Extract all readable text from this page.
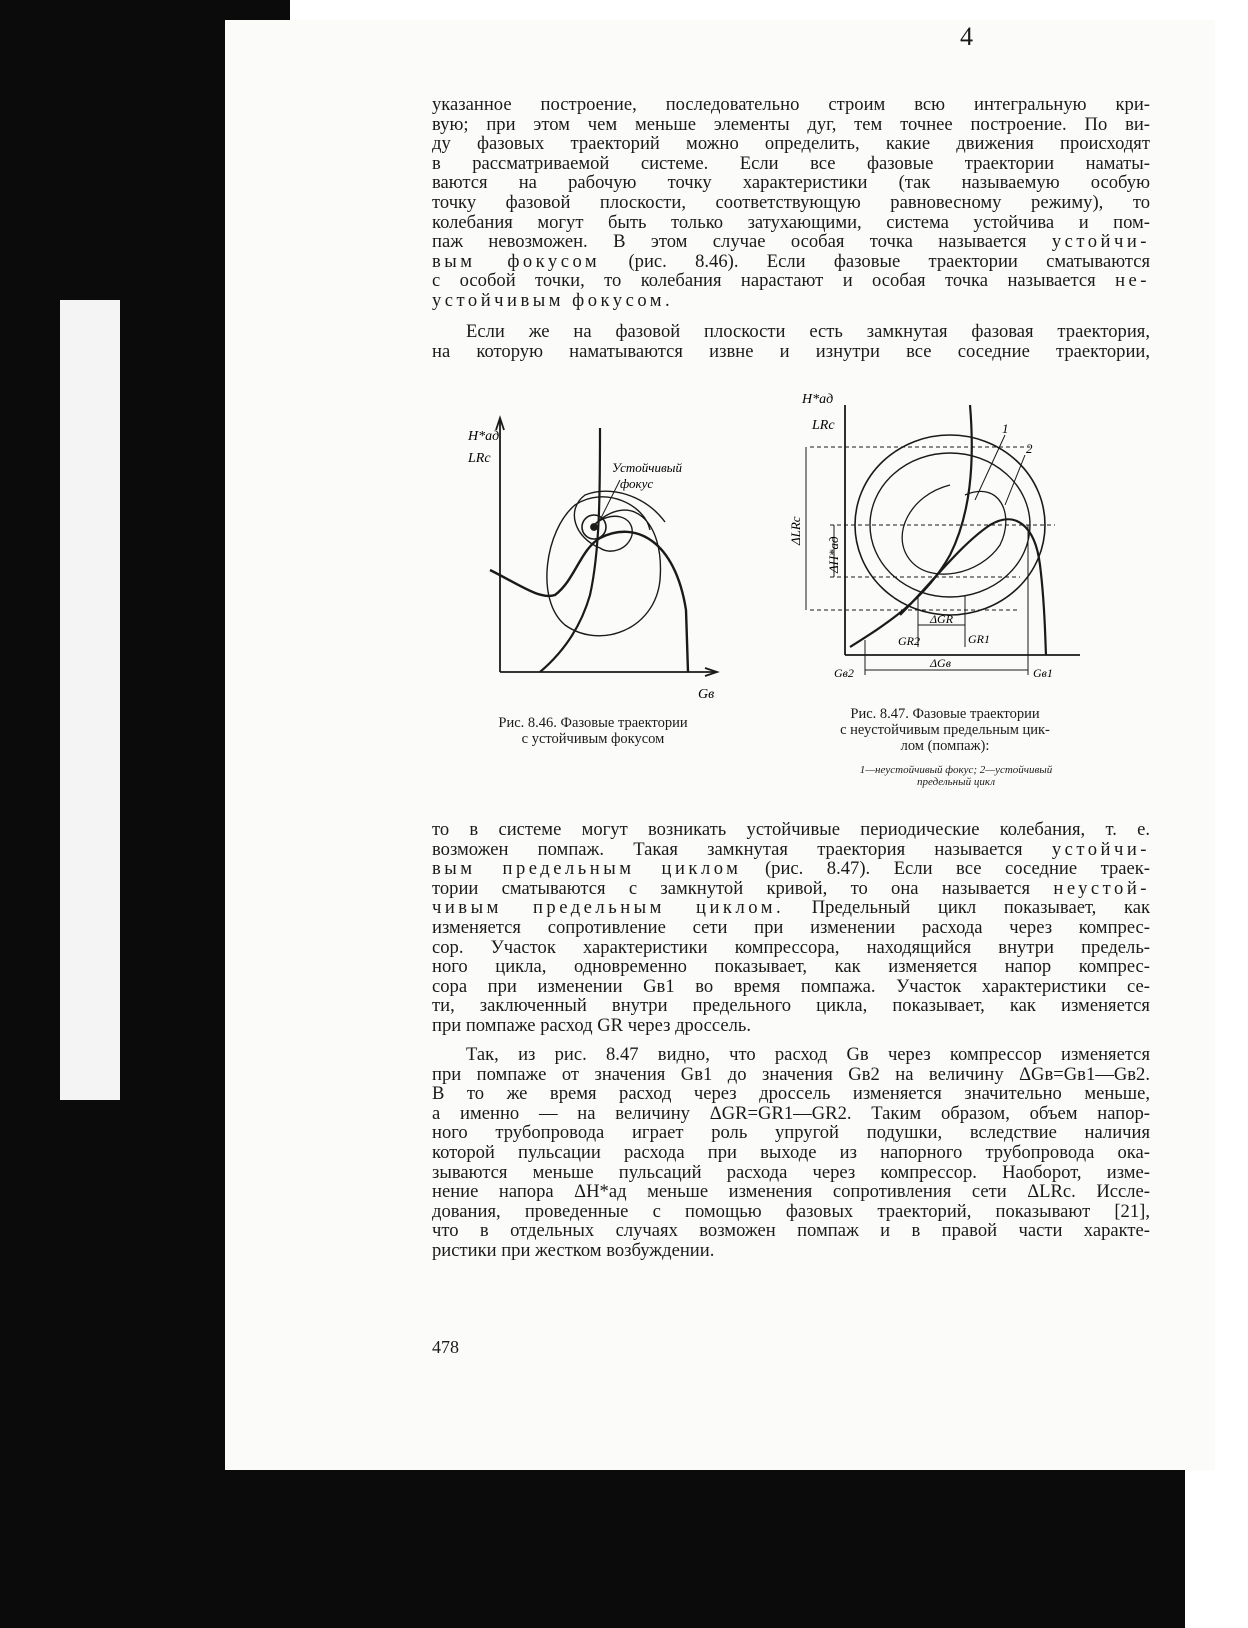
4
указанное построение, последовательно строим всю интегральную кри-
вую; при этом чем меньше элементы дуг, тем точнее построение. По ви-
ду фазовых траекторий можно определить, какие движения происходят
в рассматриваемой системе. Если все фазовые траектории наматы-
ваются на рабочую точку характеристики (так называемую особую
точку фазовой плоскости, соответствующую равновесному режиму), то
колебания могут быть только затухающими, система устойчива и пом-
паж невозможен. В этом случае особая точка называется устойчи-
вым фокусом (рис. 8.46). Если фазовые траектории сматываются
с особой точки, то колебания нарастают и особая точка называется не-
устойчивым фокусом.
Если же на фазовой плоскости есть замкнутая фазовая траектория,
на которую наматываются извне и изнутри все соседние траектории,
H*ад
LRc
Gв
Устойчивый
фокус
Рис. 8.46. Фазовые траектории
с устойчивым фокусом
H*ад
LRc	1
2
ΔLRc
ΔH*ад
ΔGR
GR2	GR1
ΔGв
Gв2	Gв1
Рис. 8.47. Фазовые траектории
с неустойчивым предельным цик-
лом (помпаж):
1—неустойчивый фокус; 2—устойчивый
предельный цикл
то в системе могут возникать устойчивые периодические колебания, т. е.
возможен помпаж. Такая замкнутая траектория называется устойчи-
вым предельным циклом (рис. 8.47). Если все соседние траек-
тории сматываются с замкнутой кривой, то она называется неустой-
чивым предельным циклом. Предельный цикл показывает, как
изменяется сопротивление сети при изменении расхода через компрес-
сор. Участок характеристики компрессора, находящийся внутри предель-
ного цикла, одновременно показывает, как изменяется напор компрес-
сора при изменении Gв1 во время помпажа. Участок характеристики се-
ти, заключенный внутри предельного цикла, показывает, как изменяется
при помпаже расход GR через дроссель.
Так, из рис. 8.47 видно, что расход Gв через компрессор изменяется
при помпаже от значения Gв1 до значения Gв2 на величину ΔGв=Gв1—Gв2.
В то же время расход через дроссель изменяется значительно меньше,
а именно — на величину ΔGR=GR1—GR2. Таким образом, объем напор-
ного трубопровода играет роль упругой подушки, вследствие наличия
которой пульсации расхода при выходе из напорного трубопровода ока-
зываются меньше пульсаций расхода через компрессор. Наоборот, изме-
нение напора ΔH*ад меньше изменения сопротивления сети ΔLRc. Иссле-
дования, проведенные с помощью фазовых траекторий, показывают [21],
что в отдельных случаях возможен помпаж и в правой части характе-
ристики при жестком возбуждении.
478
